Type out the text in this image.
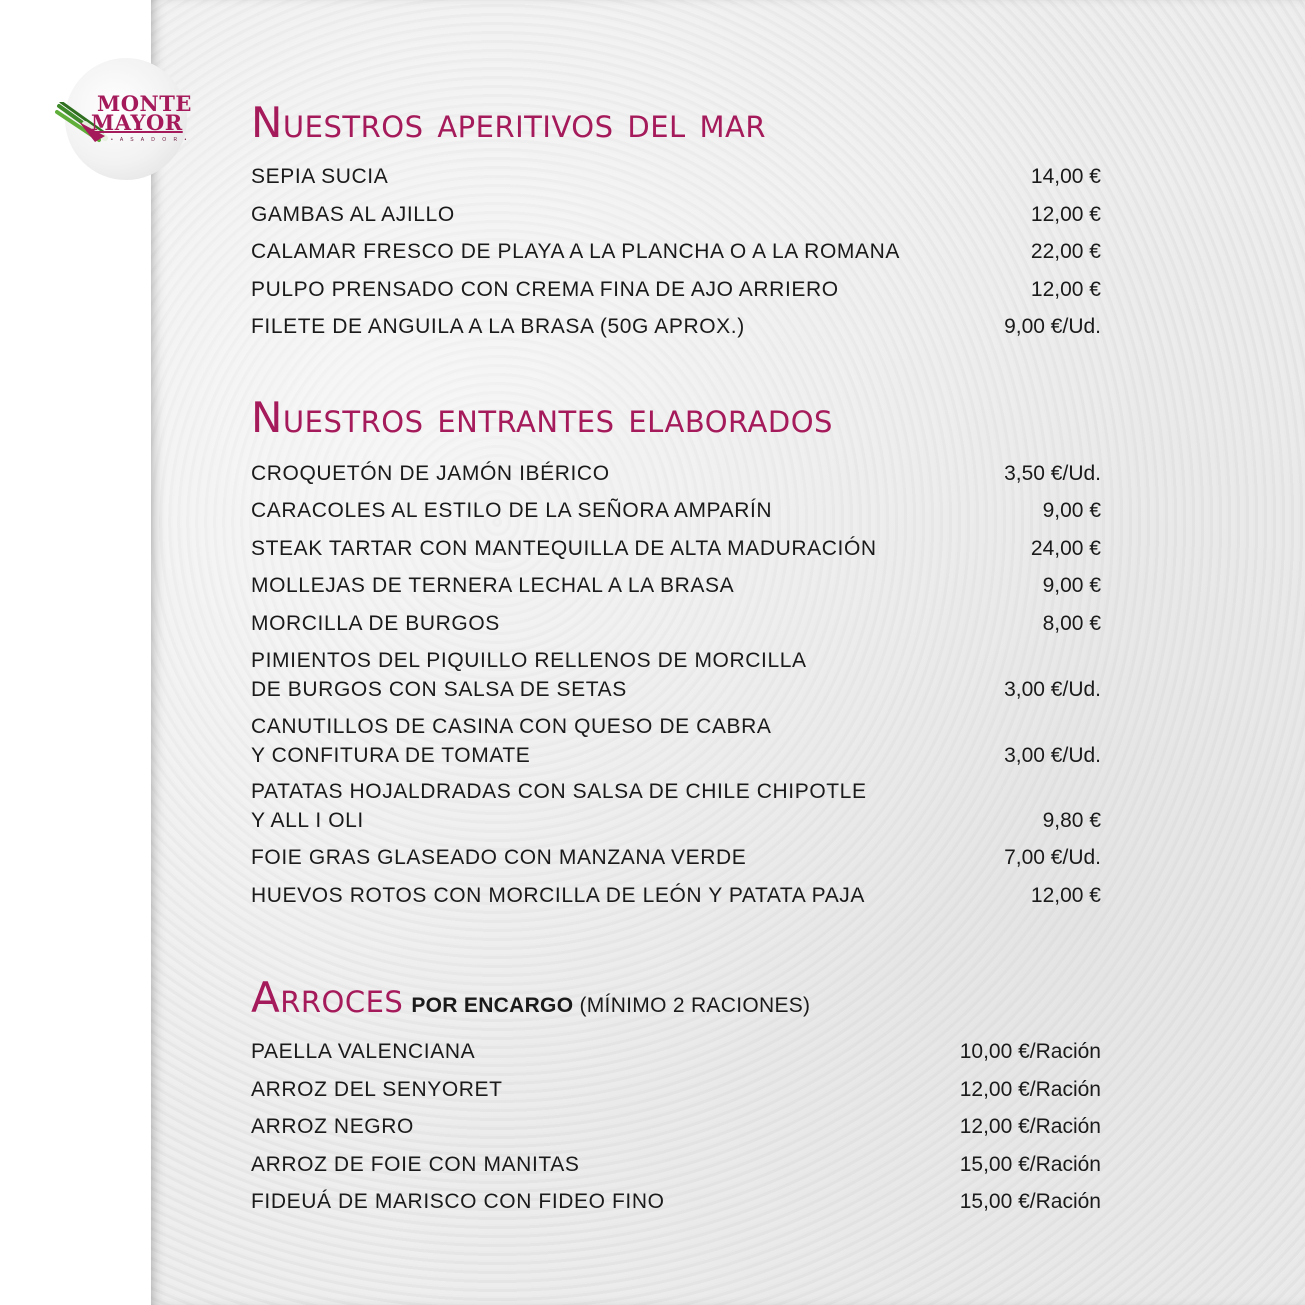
MONTE
MAYOR
• A S A D O R • Nuestros aperitivos del mar
SEPIA SUCIA	14,00 €
GAMBAS AL AJILLO	12,00 €
CALAMAR FRESCO DE PLAYA A LA PLANCHA O A LA ROMANA	22,00 €
PULPO PRENSADO CON CREMA FINA DE AJO ARRIERO	12,00 €
FILETE DE ANGUILA A LA BRASA (50G APROX.)	9,00 €/Ud.
Nuestros entrantes elaborados
CROQUETÓN DE JAMÓN IBÉRICO	3,50 €/Ud.
CARACOLES AL ESTILO DE LA SEÑORA AMPARÍN	9,00 €
STEAK TARTAR CON MANTEQUILLA DE ALTA MADURACIÓN	24,00 €
MOLLEJAS DE TERNERA LECHAL A LA BRASA	9,00 €
MORCILLA DE BURGOS	8,00 €
PIMIENTOS DEL PIQUILLO RELLENOS DE MORCILLA
DE BURGOS CON SALSA DE SETAS	3,00 €/Ud.
CANUTILLOS DE CASINA CON QUESO DE CABRA
Y CONFITURA DE TOMATE	3,00 €/Ud.
PATATAS HOJALDRADAS CON SALSA DE CHILE CHIPOTLE
Y ALL I OLI	9,80 €
FOIE GRAS GLASEADO CON MANZANA VERDE	7,00 €/Ud.
HUEVOS ROTOS CON MORCILLA DE LEÓN Y PATATA PAJA	12,00 €
Arroces POR ENCARGO (MÍNIMO 2 RACIONES)
PAELLA VALENCIANA	10,00 €/Ración
ARROZ DEL SENYORET	12,00 €/Ración
ARROZ NEGRO	12,00 €/Ración
ARROZ DE FOIE CON MANITAS	15,00 €/Ración
FIDEUÁ DE MARISCO CON FIDEO FINO	15,00 €/Ración
